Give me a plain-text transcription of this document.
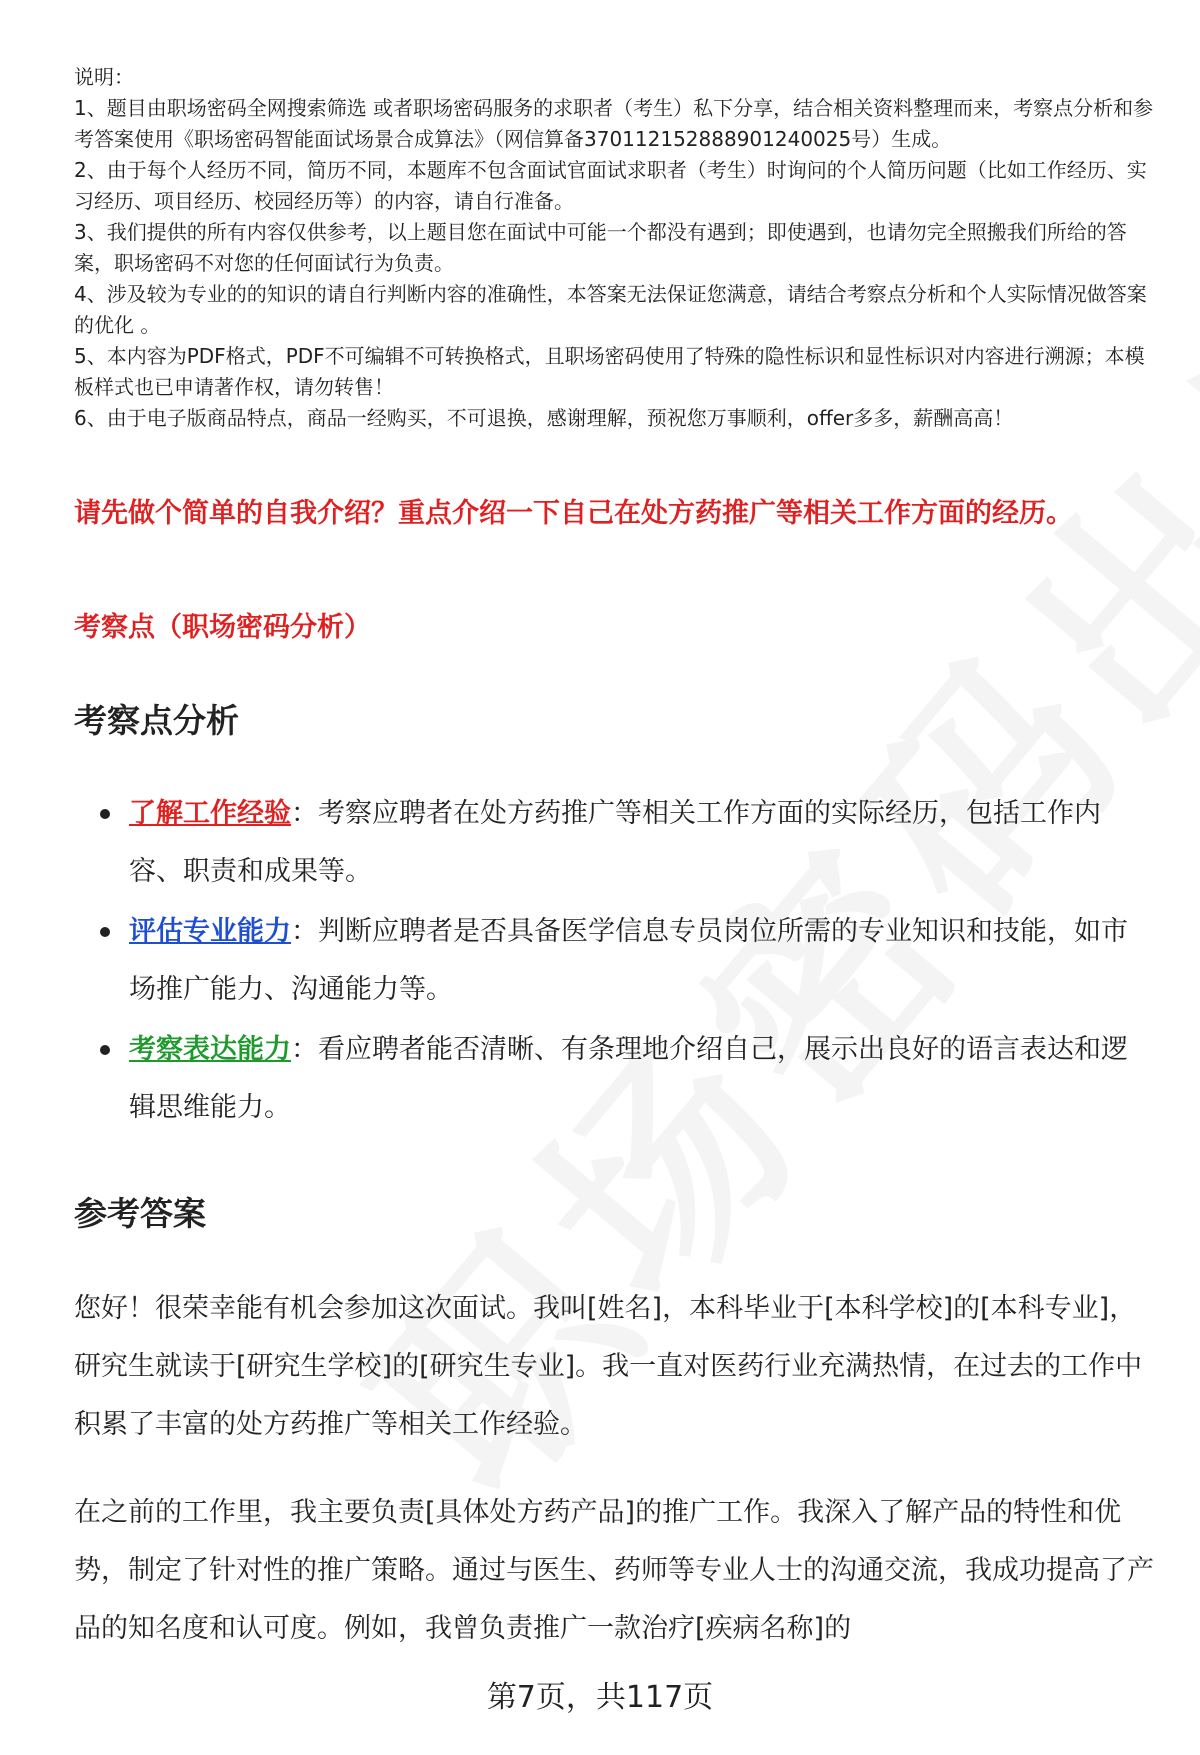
说明：

1、题目由职场密码全网搜索筛选 或者职场密码服务的求职者（考生）私下分享，结合相关资料整理而来，考察点分析和参考答案使用《职场密码智能面试场景合成算法》（网信算备370112152888901240025号）生成。

2、由于每个人经历不同，简历不同，本题库不包含面试官面试求职者（考生）时询问的个人简历问题（比如工作经历、实习经历、项目经历、校园经历等）的内容，请自行准备。

3、我们提供的所有内容仅供参考，以上题目您在面试中可能一个都没有遇到；即使遇到，也请勿完全照搬我们所给的答案，职场密码不对您的任何面试行为负责。

4、涉及较为专业的的知识的请自行判断内容的准确性，本答案无法保证您满意，请结合考察点分析和个人实际情况做答案的优化 。

5、本内容为PDF格式，PDF不可编辑不可转换格式，且职场密码使用了特殊的隐性标识和显性标识对内容进行溯源；本模板样式也已申请著作权，请勿转售！

6、由于电子版商品特点，商品一经购买，不可退换，感谢理解，预祝您万事顺利，offer多多，薪酬高高！

请先做个简单的自我介绍？重点介绍一下自己在处方药推广等相关工作方面的经历。
考察点（职场密码分析）
考察点分析
了解工作经验：考察应聘者在处方药推广等相关工作方面的实际经历，包括工作内容、职责和成果等。
评估专业能力：判断应聘者是否具备医学信息专员岗位所需的专业知识和技能，如市场推广能力、沟通能力等。
考察表达能力：看应聘者能否清晰、有条理地介绍自己，展示出良好的语言表达和逻辑思维能力。
参考答案

您好！很荣幸能有机会参加这次面试。我叫[姓名]，本科毕业于[本科学校]的[本科专业]，研究生就读于[研究生学校]的[研究生专业]。我一直对医药行业充满热情，在过去的工作中积累了丰富的处方药推广等相关工作经验。

在之前的工作里，我主要负责[具体处方药产品]的推广工作。我深入了解产品的特性和优势，制定了针对性的推广策略。通过与医生、药师等专业人士的沟通交流，我成功提高了产品的知名度和认可度。例如，我曾负责推广一款治疗[疾病名称]的

第7页，共117页
